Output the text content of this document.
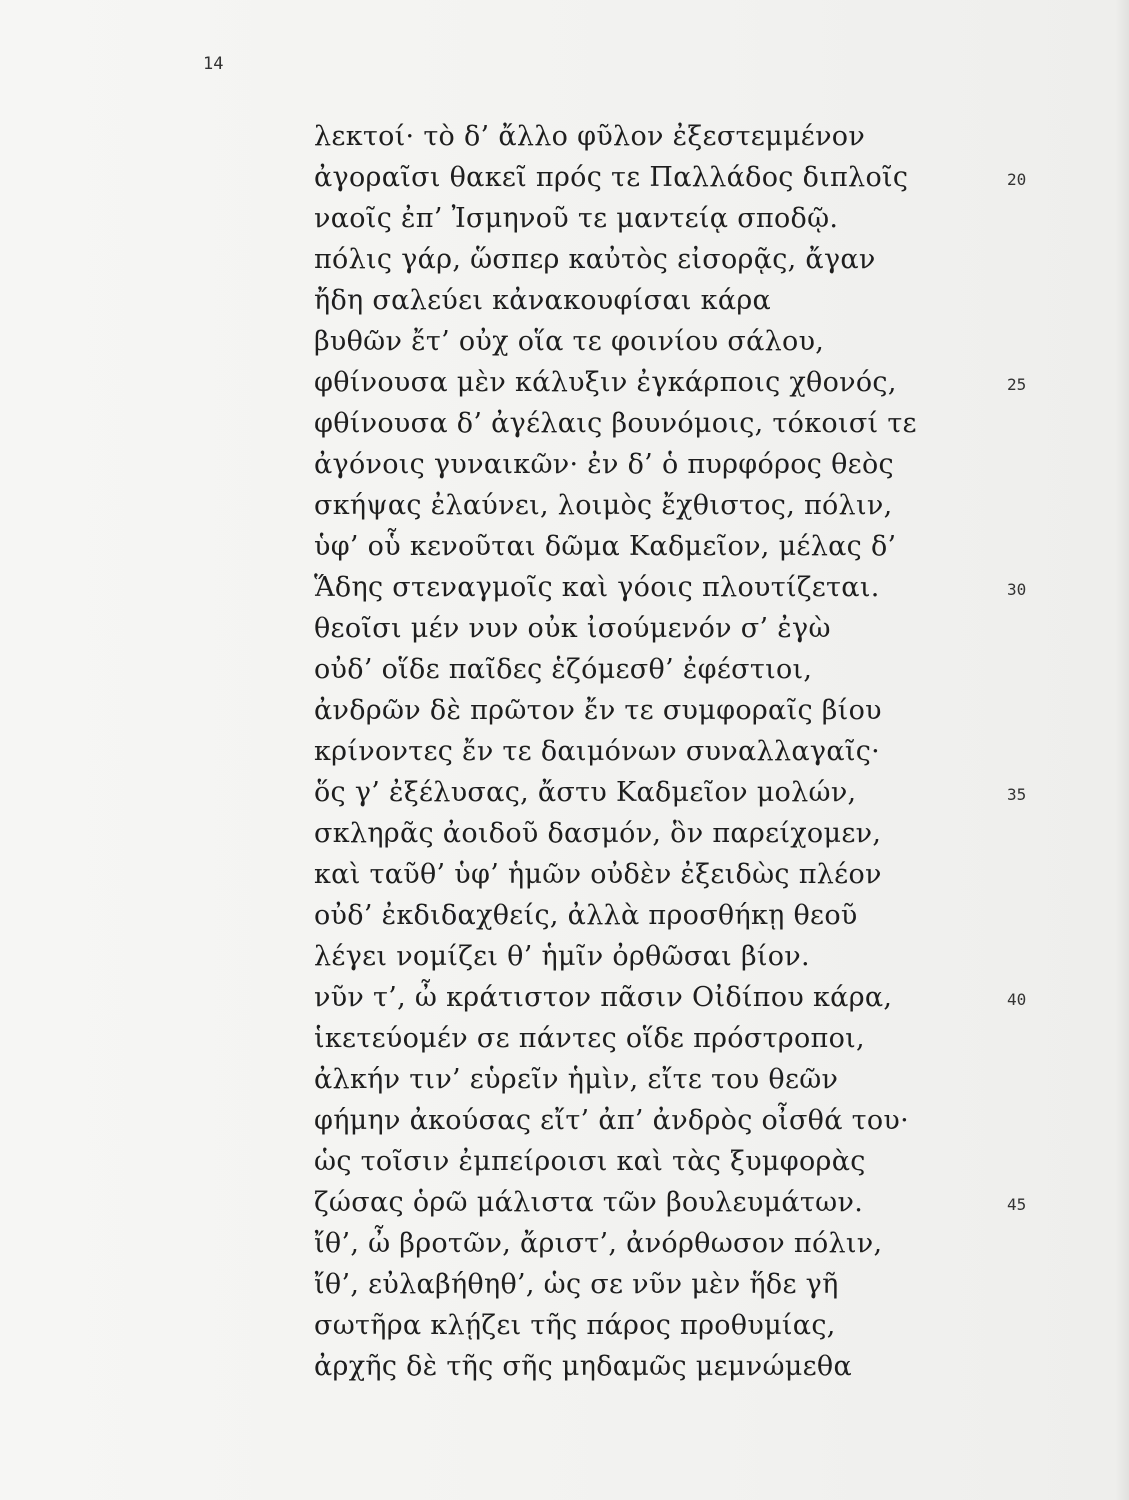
14
λεκτοί· τὸ δ’ ἄλλο φῦλον ἐξεστεμμένον
ἀγοραῖσι θακεῖ πρός τε Παλλάδος διπλοῖς	20
ναοῖς ἐπ’ Ἰσμηνοῦ τε μαντείᾳ σποδῷ.
πόλις γάρ, ὥσπερ καὐτὸς εἰσορᾷς, ἄγαν
ἤδη σαλεύει κἀνακουφίσαι κάρα
βυθῶν ἔτ’ οὐχ οἵα τε φοινίου σάλου,
φθίνουσα μὲν κάλυξιν ἐγκάρποις χθονός,	25
φθίνουσα δ’ ἀγέλαις βουνόμοις, τόκοισί τε
ἀγόνοις γυναικῶν· ἐν δ’ ὁ πυρφόρος θεὸς
σκήψας ἐλαύνει, λοιμὸς ἔχθιστος, πόλιν,
ὑφ’ οὗ κενοῦται δῶμα Καδμεῖον, μέλας δ’
Ἅδης στεναγμοῖς καὶ γόοις πλουτίζεται.	30
θεοῖσι μέν νυν οὐκ ἰσούμενόν σ’ ἐγὼ
οὐδ’ οἵδε παῖδες ἑζόμεσθ’ ἐφέστιοι,
ἀνδρῶν δὲ πρῶτον ἔν τε συμφοραῖς βίου
κρίνοντες ἔν τε δαιμόνων συναλλαγαῖς·
ὅς γ’ ἐξέλυσας, ἄστυ Καδμεῖον μολών,	35
σκληρᾶς ἀοιδοῦ δασμόν, ὃν παρείχομεν,
καὶ ταῦθ’ ὑφ’ ἡμῶν οὐδὲν ἐξειδὼς πλέον
οὐδ’ ἐκδιδαχθείς, ἀλλὰ προσθήκῃ θεοῦ
λέγει νομίζει θ’ ἡμῖν ὀρθῶσαι βίον.
νῦν τ’, ὦ κράτιστον πᾶσιν Οἰδίπου κάρα,	40
ἱκετεύομέν σε πάντες οἵδε πρόστροποι,
ἀλκήν τιν’ εὑρεῖν ἡμὶν, εἴτε του θεῶν
φήμην ἀκούσας εἴτ’ ἀπ’ ἀνδρὸς οἶσθά του·
ὡς τοῖσιν ἐμπείροισι καὶ τὰς ξυμφορὰς
ζώσας ὁρῶ μάλιστα τῶν βουλευμάτων.	45
ἴθ’, ὦ βροτῶν, ἄριστ’, ἀνόρθωσον πόλιν,
ἴθ’, εὐλαβήθηθ’, ὡς σε νῦν μὲν ἥδε γῆ
σωτῆρα κλῄζει τῆς πάρος προθυμίας,
ἀρχῆς δὲ τῆς σῆς μηδαμῶς μεμνώμεθα
